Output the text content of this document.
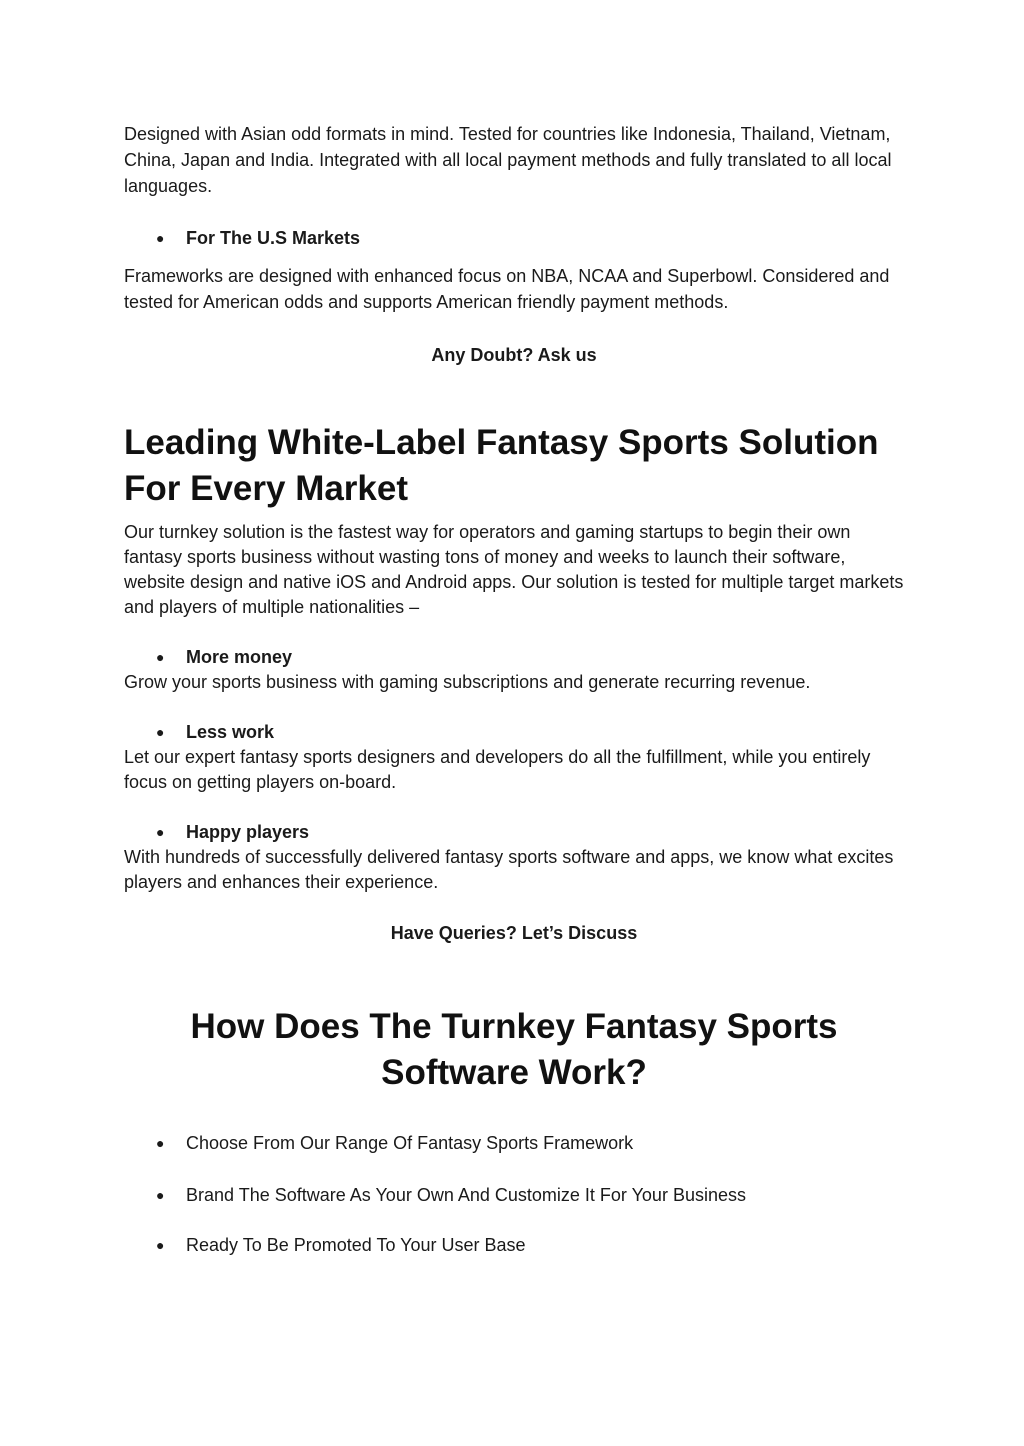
Designed with Asian odd formats in mind. Tested for countries like Indonesia, Thailand, Vietnam, China, Japan and India. Integrated with all local payment methods and fully translated to all local languages.

● For The U.S Markets

Frameworks are designed with enhanced focus on NBA, NCAA and Superbowl. Considered and tested for American odds and supports American friendly payment methods.

Any Doubt? Ask us

Leading White-Label Fantasy Sports Solution For Every Market

Our turnkey solution is the fastest way for operators and gaming startups to begin their own fantasy sports business without wasting tons of money and weeks to launch their software, website design and native iOS and Android apps. Our solution is tested for multiple target markets and players of multiple nationalities –

● More money

Grow your sports business with gaming subscriptions and generate recurring revenue.

● Less work

Let our expert fantasy sports designers and developers do all the fulfillment, while you entirely focus on getting players on-board.

● Happy players

With hundreds of successfully delivered fantasy sports software and apps, we know what excites players and enhances their experience.

Have Queries? Let’s Discuss

How Does The Turnkey Fantasy Sports Software Work?
● Choose From Our Range Of Fantasy Sports Framework
● Brand The Software As Your Own And Customize It For Your Business
● Ready To Be Promoted To Your User Base
